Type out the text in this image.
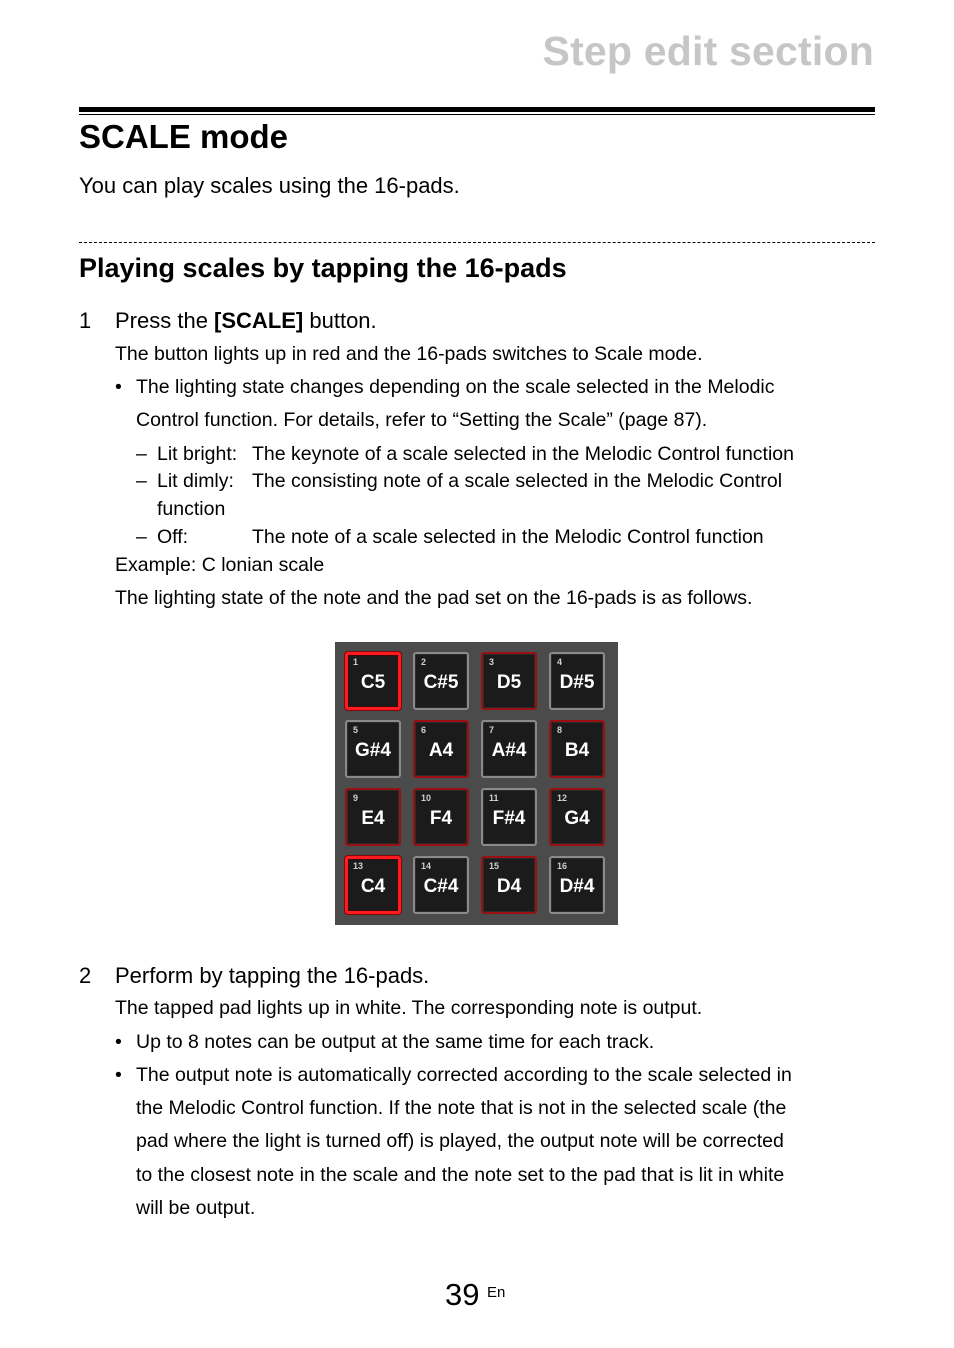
Step edit section
SCALE mode
You can play scales using the 16-pads.
Playing scales by tapping the 16-pads
1 Press the [SCALE] button.
The button lights up in red and the 16-pads switches to Scale mode.
• The lighting state changes depending on the scale selected in the Melodic
Control function. For details, refer to “Setting the Scale” (page 87).
– Lit bright: The keynote of a scale selected in the Melodic Control function
– Lit dimly: The consisting note of a scale selected in the Melodic Control
function
– Off:	The note of a scale selected in the Melodic Control function
Example: C lonian scale
The lighting state of the note and the pad set on the 16-pads is as follows.
1
C5
2
C#5
3
D5
4
D#5
5
G#4
6
A4
7
A#4
8
B4
9
E4
10
F4
11
F#4
12
G4
13
C4
14
C#4
15
D4
16
D#4
2 Perform by tapping the 16-pads.
The tapped pad lights up in white. The corresponding note is output.
• Up to 8 notes can be output at the same time for each track.
• The output note is automatically corrected according to the scale selected in
the Melodic Control function. If the note that is not in the selected scale (the
pad where the light is turned off) is played, the output note will be corrected
to the closest note in the scale and the note set to the pad that is lit in white
will be output.
39 En
